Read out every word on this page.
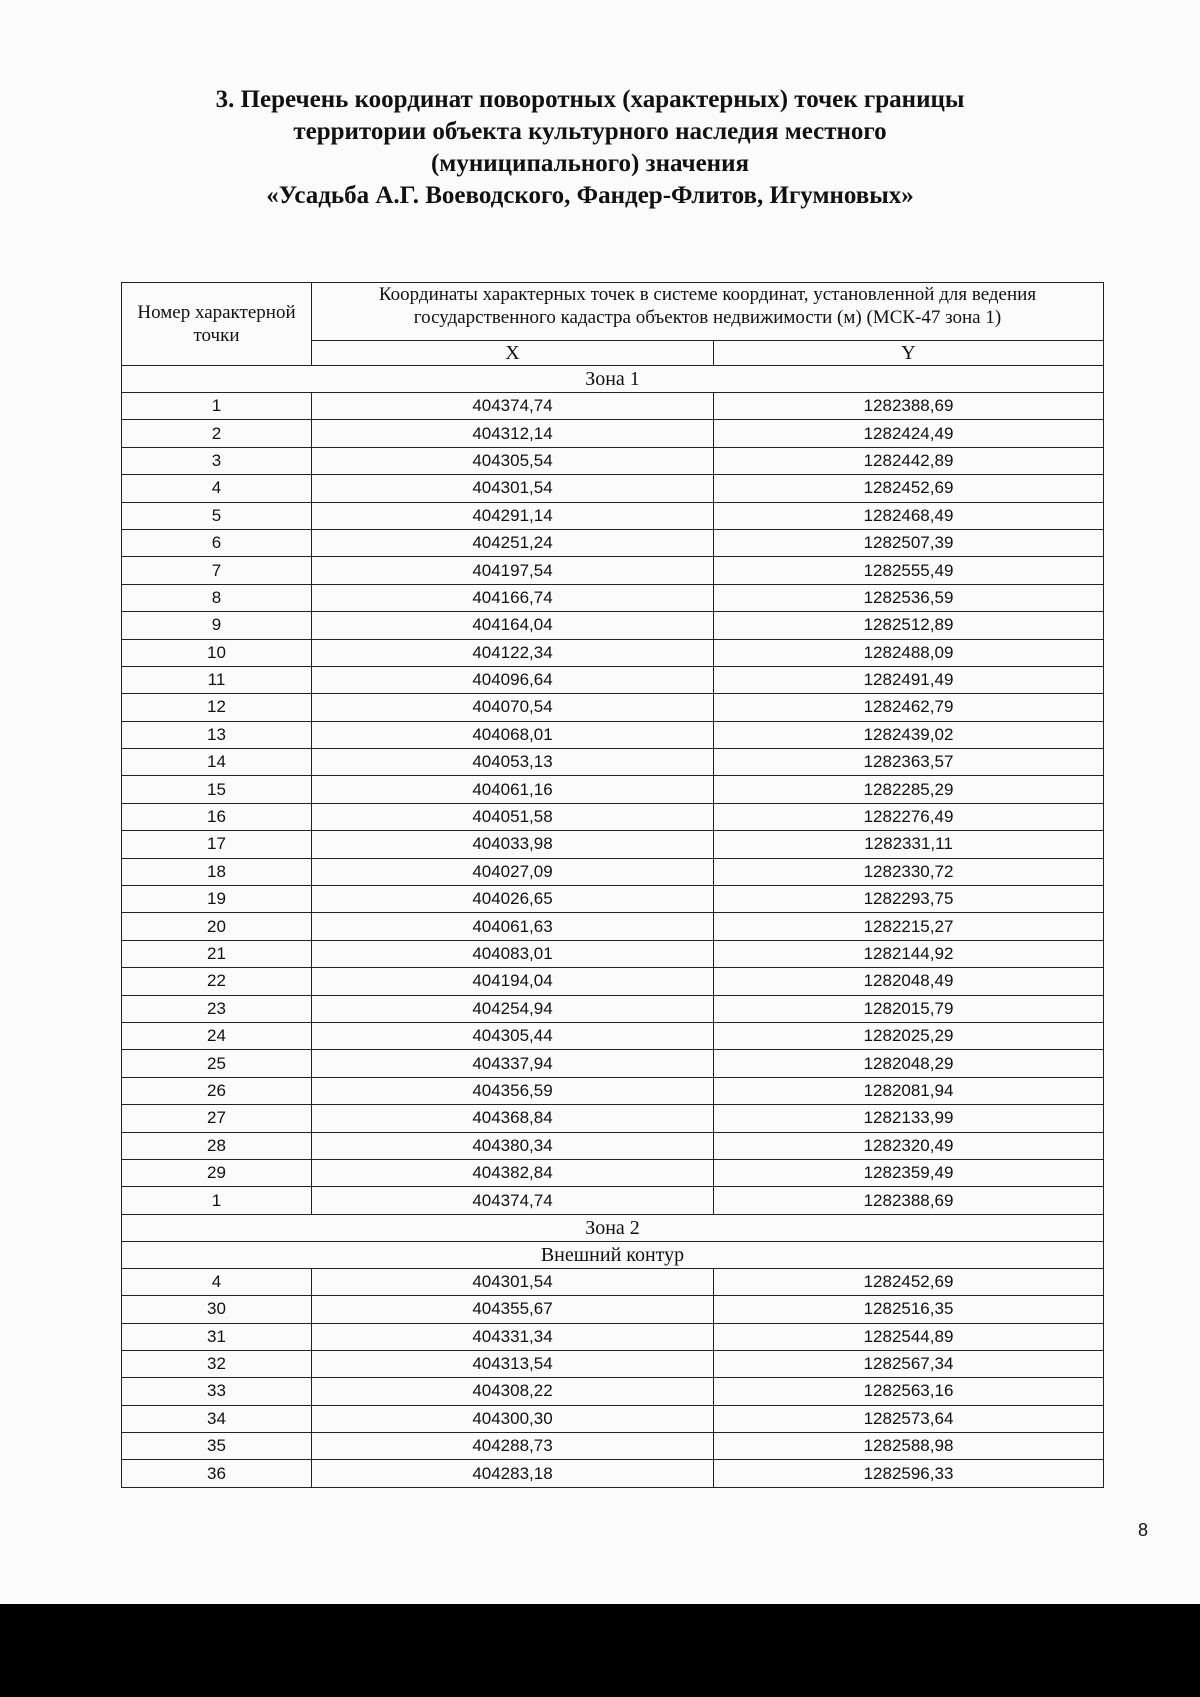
3. Перечень координат поворотных (характерных) точек границы
территории объекта культурного наследия местного
(муниципального) значения
«Усадьба А.Г. Воеводского, Фандер-Флитов, Игумновых»
Номер характерной точки	Координаты характерных точек в системе координат, установленной для ведения государственного кадастра объектов недвижимости (м) (МСК-47 зона 1)	
	X	Y
Зона 1		
1	404374,74	1282388,69
2	404312,14	1282424,49
3	404305,54	1282442,89
4	404301,54	1282452,69
5	404291,14	1282468,49
6	404251,24	1282507,39
7	404197,54	1282555,49
8	404166,74	1282536,59
9	404164,04	1282512,89
10	404122,34	1282488,09
11	404096,64	1282491,49
12	404070,54	1282462,79
13	404068,01	1282439,02
14	404053,13	1282363,57
15	404061,16	1282285,29
16	404051,58	1282276,49
17	404033,98	1282331,11
18	404027,09	1282330,72
19	404026,65	1282293,75
20	404061,63	1282215,27
21	404083,01	1282144,92
22	404194,04	1282048,49
23	404254,94	1282015,79
24	404305,44	1282025,29
25	404337,94	1282048,29
26	404356,59	1282081,94
27	404368,84	1282133,99
28	404380,34	1282320,49
29	404382,84	1282359,49
1	404374,74	1282388,69
Зона 2		
Внешний контур		
4	404301,54	1282452,69
30	404355,67	1282516,35
31	404331,34	1282544,89
32	404313,54	1282567,34
33	404308,22	1282563,16
34	404300,30	1282573,64
35	404288,73	1282588,98
36	404283,18	1282596,33
8
